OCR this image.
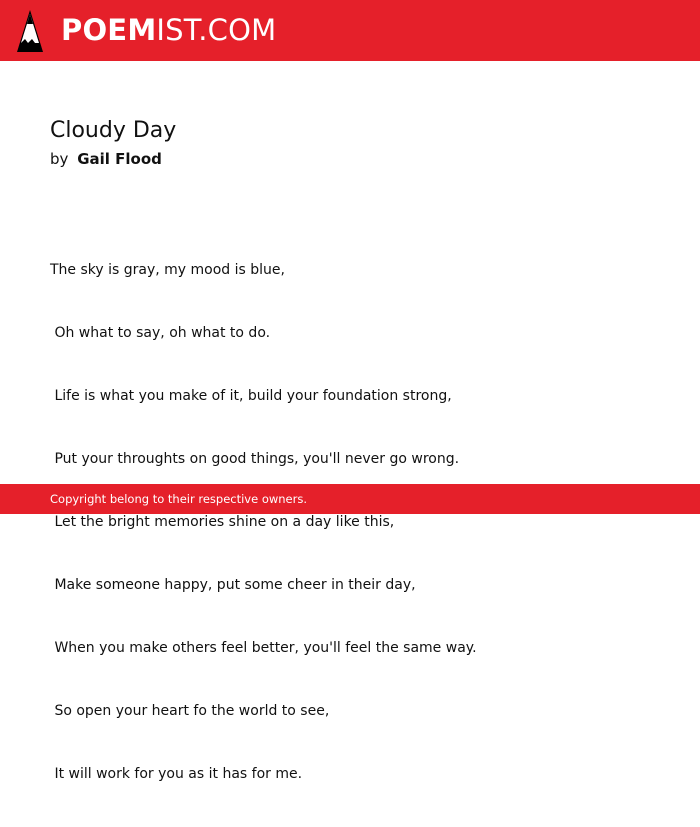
POEMIST.COM
Cloudy Day
by Gail Flood

The sky is gray, my mood is blue,

Oh what to say, oh what to do.

Life is what you make of it, build your foundation strong,

Put your throughts on good things, you'll never go wrong.

Let the bright memories shine on a day like this,

Make someone happy, put some cheer in their day,

When you make others feel better, you'll feel the same way.

So open your heart fo the world to see,

It will work for you as it has for me.

Copyright belong to their respective owners.
